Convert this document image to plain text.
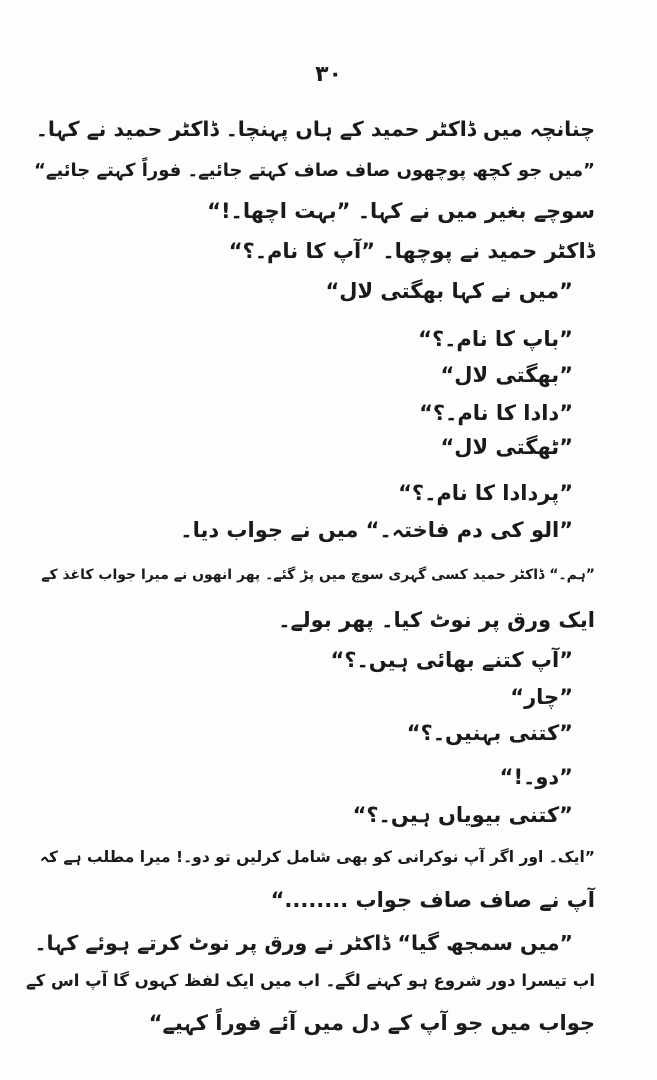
۳۰
چنانچہ میں ڈاکٹر حمید کے ہاں پہنچا۔ ڈاکٹر حمید نے کہا۔
”میں جو کچھ پوچھوں صاف صاف کہتے جائیے۔ فوراً کہتے جائیے“
سوچے بغیر میں نے کہا۔ ”بہت اچھا۔!“
ڈاکٹر حمید نے پوچھا۔ ”آپ کا نام۔؟“
”میں نے کہا بھگتی لال“
”باپ کا نام۔؟“
”بھگتی لال“
”دادا کا نام۔؟“
”ٹھگتی لال“
”پردادا کا نام۔؟“
”الو کی دم فاختہ۔“ میں نے جواب دیا۔
”ہم۔“ ڈاکٹر حمید کسی گہری سوچ میں پڑ گئے۔ پھر انھوں نے میرا جواب کاغذ کے
ایک ورق پر نوٹ کیا۔ پھر بولے۔
”آپ کتنے بھائی ہیں۔؟“
”چار“
”کتنی بہنیں۔؟“
”دو۔!“
”کتنی بیویاں ہیں۔؟“
”ایک۔ اور اگر آپ نوکرانی کو بھی شامل کرلیں تو دو۔! میرا مطلب ہے کہ
آپ نے صاف صاف جواب ........“
”میں سمجھ گیا“ ڈاکٹر نے ورق پر نوٹ کرتے ہوئے کہا۔
اب تیسرا دور شروع ہو کہنے لگے۔ اب میں ایک لفظ کہوں گا آپ اس کے
جواب میں جو آپ کے دل میں آئے فوراً کہیے“
